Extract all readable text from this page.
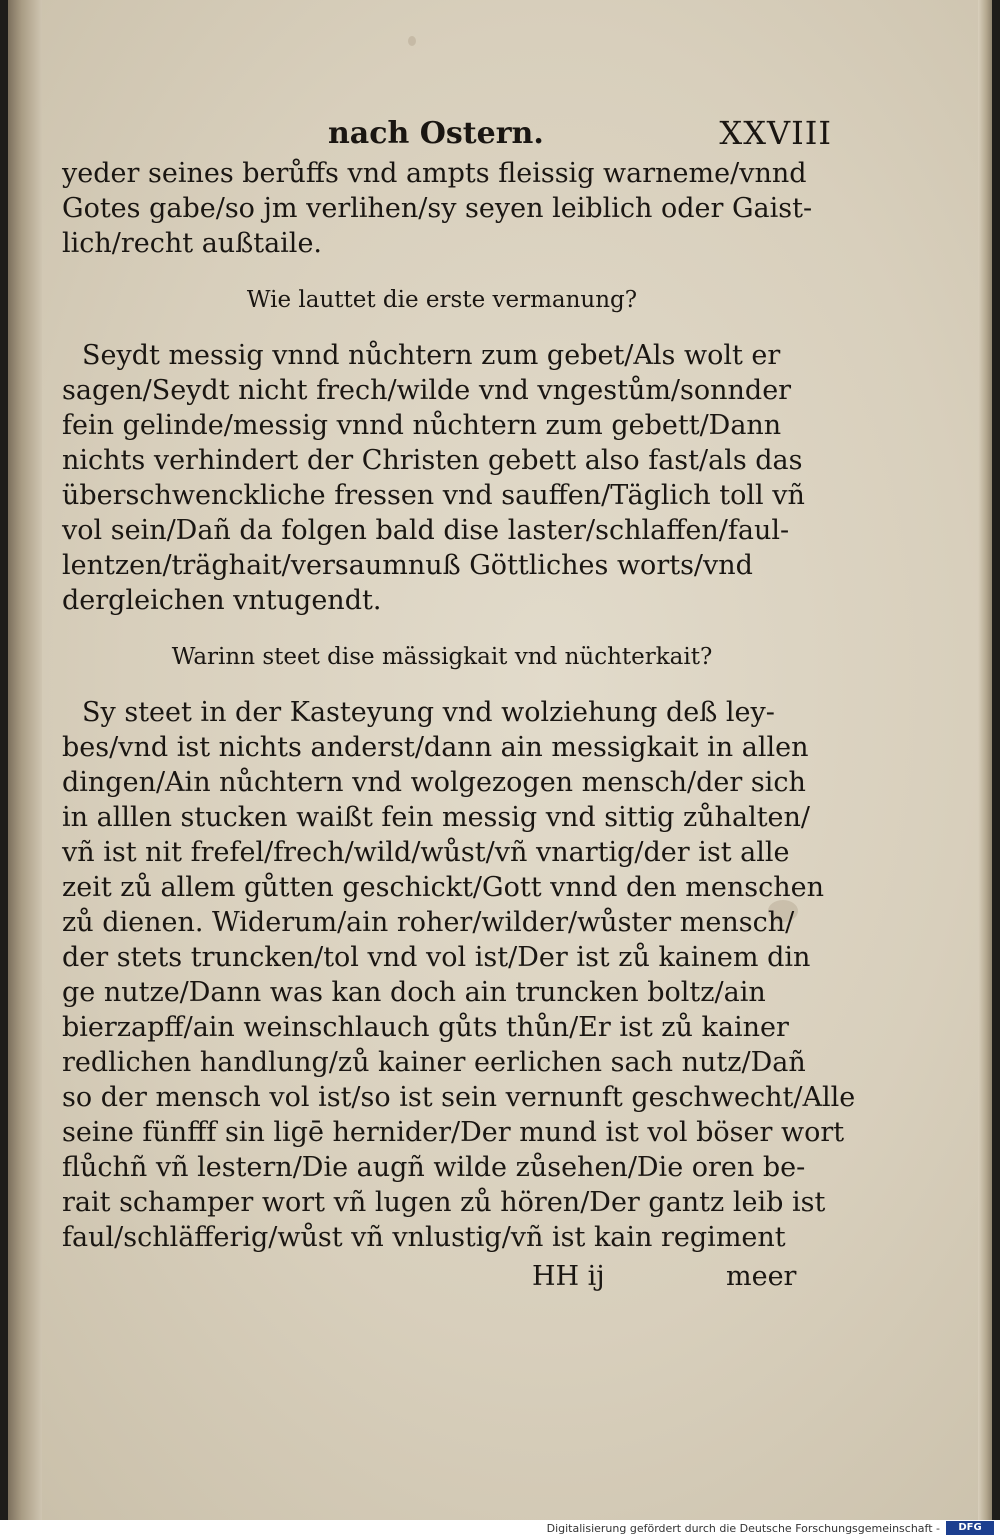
nach Ostern.	XXVIII

yeder seines berůffs vnd ampts fleissig warneme/vnnd
Gotes gabe/so jm verlihen/sy seyen leiblich oder Gaist-
lich/recht außtaile.

Wie lauttet die erste vermanung?

Seydt messig vnnd nůchtern zum gebet/Als wolt er
sagen/Seydt nicht frech/wilde vnd vngestům/sonnder
fein gelinde/messig vnnd nůchtern zum gebett/Dann
nichts verhindert der Christen gebett also fast/als das
überschwenckliche fressen vnd sauffen/Täglich toll vñ
vol sein/Dañ da folgen bald dise laster/schlaffen/faul-
lentzen/träghait/versaumnuß Göttliches worts/vnd
dergleichen vntugendt.

Warinn steet dise mässigkait vnd nüchterkait?

Sy steet in der Kasteyung vnd wolziehung deß ley-
bes/vnd ist nichts anderst/dann ain messigkait in allen
dingen/Ain nůchtern vnd wolgezogen mensch/der sich
in alllen stucken waißt fein messig vnd sittig zůhalten/
vñ ist nit frefel/frech/wild/wůst/vñ vnartig/der ist alle
zeit zů allem gůtten geschickt/Gott vnnd den menschen
zů dienen. Widerum/ain roher/wilder/wůster mensch/
der stets truncken/tol vnd vol ist/Der ist zů kainem din
ge nutze/Dann was kan doch ain truncken boltz/ain
bierzapff/ain weinschlauch gůts thůn/Er ist zů kainer
redlichen handlung/zů kainer eerlichen sach nutz/Dañ
so der mensch vol ist/so ist sein vernunft geschwecht/Alle
seine fünfff sin ligē hernider/Der mund ist vol böser wort
flůchñ vñ lestern/Die augñ wilde zůsehen/Die oren be-
rait schamper wort vñ lugen zů hören/Der gantz leib ist
faul/schläfferig/wůst vñ vnlustig/vñ ist kain regiment

HH ij	meer
Digitalisierung gefördert durch die Deutsche Forschungsgemeinschaft -	DFG
